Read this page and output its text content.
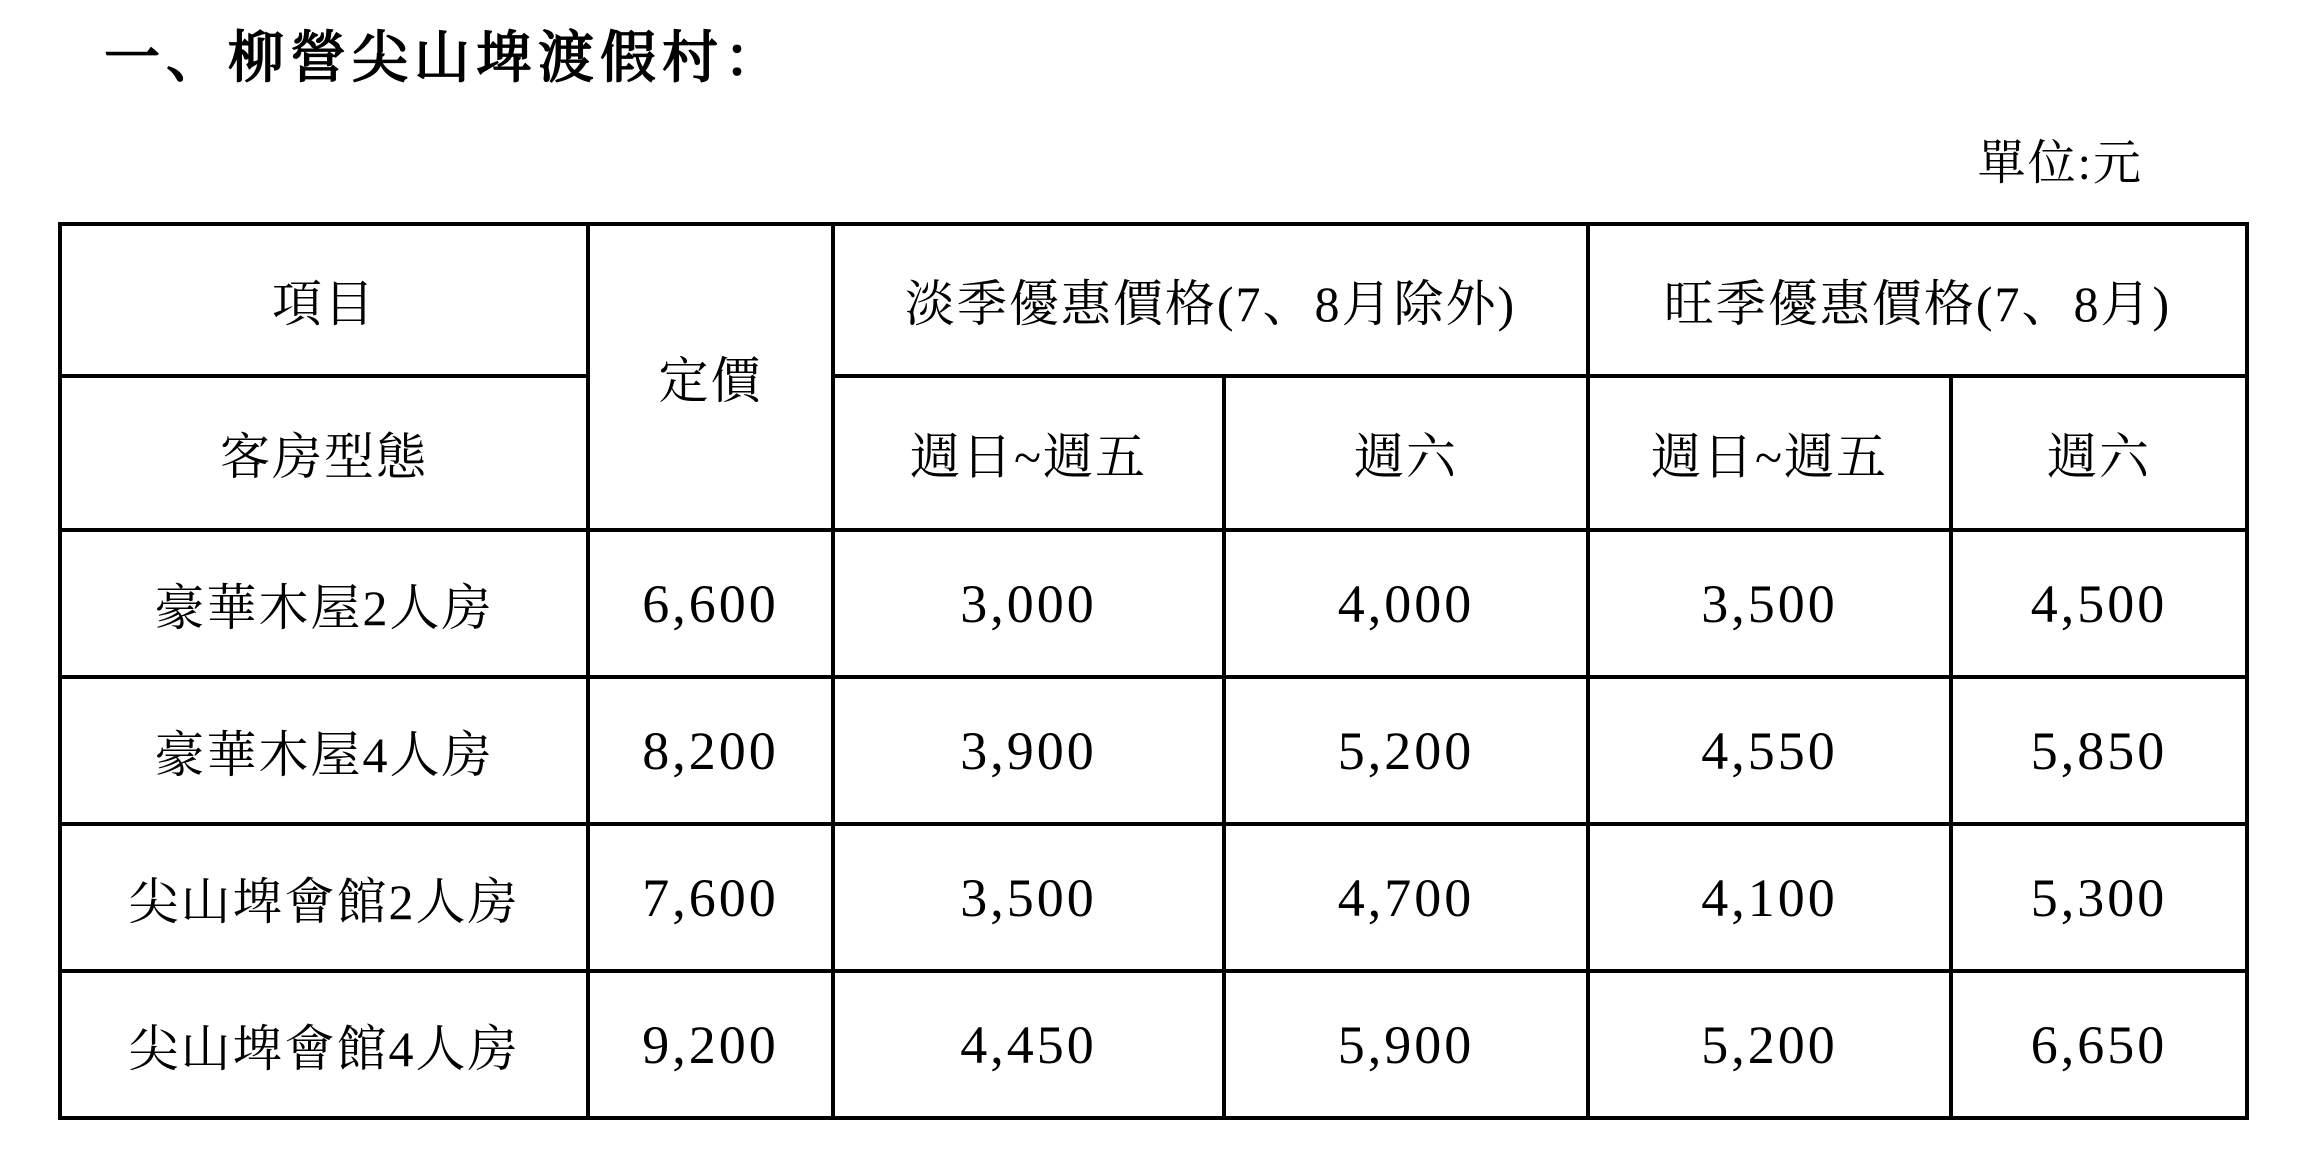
一、柳營尖山埤渡假村：
單位:元
項目	定價	淡季優惠價格(7、8月除外)		旺季優惠價格(7、8月)	
客房型態		週日~週五	週六	週日~週五	週六
豪華木屋2人房	6,600	3,000	4,000	3,500	4,500
豪華木屋4人房	8,200	3,900	5,200	4,550	5,850
尖山埤會館2人房	7,600	3,500	4,700	4,100	5,300
尖山埤會館4人房	9,200	4,450	5,900	5,200	6,650
